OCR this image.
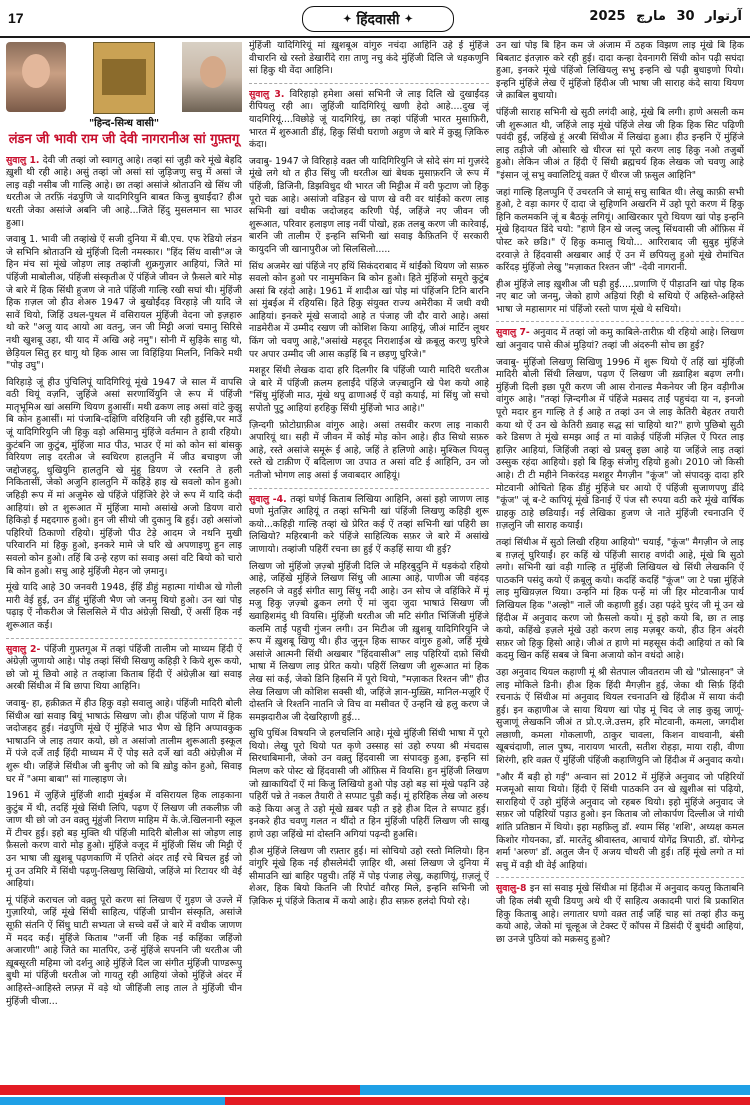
17	✦ हिंदवासी ✦	آرتوار 30 مارچ 2025
"हिन्द-सिन्ध वासी"
लंडन जी भावी राम जी देवी नागरानीअ सां गुफ़्तगू

सुवालु 1. देवी जी तव्हां जो स्वागतु आहे। तव्हां सां जुड़ी करे मूंखे बेहदि ख़ुशी थी रही आहे। असुं तव्हां जो असां सां जुड़िजणु सचु में असां जे लाइ वड़ी नसीब जी गाल्हि आहे। छा तव्हां असांजे श्रोताउनि खे सिंध जी धरतीअ जे तरफ़िं नंढपुणि जे यादगिरियुनि बाबत किजु बुधाईंदा? हीअ धरती जेका असांजे अबनि जी आहे...जिते हिंदु मुसलमान सा भाउर हुआ।

जवाबु 1. भावी जी तव्हांखे ऐं सजी दुनिया में बी.एच. एफ रेडियो लंडन जे सभिनि श्रोताउनि खे मुंहिंजी दिली नमस्कार। "हिंद सिंध वासी"अ जे हिन मंच सां मूंखे जोड़ण लाइ तव्हांजी शुक्रगुज़ार आहियां, जिते मां पंहिंजी माबोलीअ, पंहिंजी संस्कृतीअ ऐं पंहिंजे जीवन जे फ़ैसले बारे मोड़ जे बारे में हिक सिंधी हुजण जे नाते पंहिंजी गाल्हि रखी सघां थी। मुंहिंजी हिक ग़ज़ल जो हीउ शेअरु 1947 जे बुखोईंदड़ विरहाड़े जी यादि जे सावें थियो, जिहिं उथल-पुथल में वसिरायल मुंहिंजी वेदना जो इज़हारु थो करे "अजु याद आयो आ वतनु, जन जी मिट्टी अजां चमानु सिरिसे नथी खुशबू उहा, थी याद में अखि अहे नमु"। सोनी में सुड़िके साहु थो, छेड़ियल सितु हर धागु थो हिक आस जा विहिंड़िया मिलनि, निकिरे मथी "पोइ उघु"।

विरिहाड़े जूं हीउ पुंचिलिपूं यादिगिरियूं मूंखे 1947 जे साल में वापसि वठी थियूं वज़नि, जुहिंजे असां सरणार्थियुनि जे रूप में पंहिंजी मातृभूमिअ खां असग्गि थियण हुआसीं। मथी ढकण लाइ असां वांटे कुझु बि कोन हुआसीं। मां पंजाबि-दक्षिणि वरिहियनि जी रही हुईसि,पर माउँ जूं यादिगिरियुनि जी हिकु वड़ो असिमानु मुंहिंजे वर्तमान ते हावी रहियो। कुटंबनि जा कुटुंब, मुंहिंजा माउ पीउ, भाउर ऐं मां को कोन सां बांसकु विरियण लाइ दरतीअ जे स्वधिरण हालतुनि में जीउ बचाइण जी जद्दोजहदु, धुखियुनि हालतुनि खे मुंहु डियण जे रस्तनि ते हली निकितासीं, जेको अजुनि हालतुनि में कहिड़े हाइ खे सवलो कोन हुओ। जहिड़ी रूप में मां अजुमेरु खे पंहिंजे पंहिंजिरे हेरे जे रूप में यादि कंदी आहियां। छो त शुरूआत में मुंहिंजा मामो असांखे अजो डियण वारो हिकिड़ो ई मद्ददगारु हुओ। हुन जी सीधो जी दुकानु बि हुई। उहो असांजो पहिरियों ठिकाणो रहियो। मुंहिंजो पीउ टेड़े आदम जे नथनि मुखी परिवारनि मां हिकु हुओ, इनकरे मामे जे घरि खे अपणाइणु हुन लाइ सवलो कोन हुओ। तहिं बि उन्हे रहण कां सवाइ असां वटि बियो को चारो बि कोन हुओ। सचु आहे मुंहिंजी मेहन जो ज़मानु।

मूंखे यादि आहे 30 जनवरी 1948, ईहिं डीहुं महात्मा गांधीअ खे गोली मारी वेई हुई, उन डींहुं मुंहिंजी भैण जो जनमु थियो हुओ। उन खां पोइ पढ़ाइ ऐं नौकरीअ जे सिलसिले में पीउ अंग्रेज़ी सिखी, ऐं असीं हिक नई शुरूआत कई।

सुवालु 2- पंहिंजी गुफ़्तगूअ में तव्हां पंहिंजी तालीम जो माध्यम हिंदी ऐं अंग्रेज़ी जुणायो आहे। पोइ तव्हां सिंधी सिखणु कहिड़ी रे किये शुरू कयो, छो जो मूं छिवो आहे त तव्हांजा किताब हिंदी ऐं अंग्रेज़ीअ खां सवाइ अरबी सिंधीअ में बि छापा थिया आहिनि।

जवाबु- हा, हक़ीक़त में हीउ हिकु वड़ो सवालु आहे। पंहिंजी मादिरी बोली सिंधीअ खां सवाइ बियूं भाषाऊं सिखण जो। हीअ पंहिंजो पाण में हिक जदोजहद हुई। नंढपुणि मूंखे ऐं मुंहिंजे भाउ भैण खे हिनि अप्पावकुक भाषाउनि जे लाइ तयार कयो, छो त असांजो तालीम शुरूआती इस्कूल में पंजे दर्जे ताईं हिंदी माध्यम में ऐं पोइ सते दर्जे खां वठी अंग्रेज़ीअ में शुरू थी। जहिंजे सिंधीअ जी बुनीए जो को बि ख़ोडु कोन हुओ, सिवाइ घर में "अमा बाबा" सां गाल्हाइण जे।

1961 में जुहिंजे मुंहिंजी शादी मुंबईअ में वसिरायल हिक लाड़काना कुटुंब में थी, तदहिं मूंखे सिंधी लिपि, पढ़ण ऐं लिखण जी तकलीफ़ जी जाण थी छो जो उन वक़्तु मूंहुंजी निराण माहिम में के.जे.खिलनानी स्कूल में टीचर हुई। इहो बड़ मुक्ति थी पंहिंजी मादिरी बोलीअ सां जोड़ण लाइ फ़ैसलो करण वारो मोड़ हुओ। मुंहिंजे वजूद में मुंहिंजी सिंध जी मिट्टी ऐं उन भाषा जी ख़ुशबू पढ़णकाणि में एतिरो अंदर ताईं रचे बिचल हुई जो मूं उन उमिरि में सिंधी पढ़णु-लिखणु सिखियो, जहिंजे मां रिटायर थी वेई आहियां।

मूं पंहिंजे कराचल जो वक़्तु पूरो करण सां लिखण ऐं गुड़ण जे उज्ले में गुज़ारियो, जहिं मूंखे सिंधी साहित्य, पंहिंजी प्राचीन संस्कृति, असांजे सूफ़ी संतनि ऐं सिंधु घाटी सभ्यता जे सच्चे वर्से जे बारे में वधीक जाणण में मदद कई। मुंहिंजे किताब "जर्नी जी हिक नई कहिंका जहिंजो अजारणी" आहे जिते का मातपिर, उन्हें मुंहिंजे सपननि जी धरतीअ जी ख़ूबसूरती महिमा जो दर्शनु आहे मुंहिंजे दिल जा संगीत मुंहिंजी पाण्डरूपु बुधी मां पंहिंजी धरतीअ जो गायतु रही आहियां जेको मुंहिंजे अंदर में आहिस्ते-आहिस्ते लफ़्ज़ में वड़े थो जीहिंजी लाइ ताल ते मुंहिंजी चीन मुंहिंजी चीजा...

मुंहिंजी यादिगिरियूं मां ख़ुशबूअ वांगुरु नचंदा आहिनि उहे ई मुंहिंजे वीचारनि खे रस्तो डेखारींदे राग़ ताणु नचु कंदे मुंहिंजी दिलि जे धड़कणुनि सां हिकु थी वेंदा आहिनि।

सुवालु 3. विरिहाड़ो हमेशा असां सभिनी जे लाइ दिलि खे दुखाईंदड़ रीपियलु रही आ। जुहिंजी यादिगिरियूं खणी हेदो आहे....दुख जूं यादगिरियूं....विछोड़े जूं यादगिरियूं, छा तव्हां पंहिंजी भारत मुसाफ़िरी, भारत में शुरुआती डींहं, हिकु सिंधी घराणो अहुण जे बारे में कुझु ज़िकिरु कंदा।

जवाबु- 1947 जे विरिहाड़े वक़्त जी यादिगिरियुनि जे सोदे संग मां गुज़रंदे मूंखे लगे थो त हीउ सिंधु जी धरतीअ खां बेधक मुसाफ़रनि जे रूप में पंहिंजी, डिजिनी, डिझविधुद थी भारत जी मिट्टीअ में वरी फुटाण जो हिकु पूरो चक्र आहे। असांजो वडिड़न खे पाण खे वरी वर थांईंको करण लाइ सभिनी खां वधीक जदोजहद करिणी पेई, जहिंजे नए जीवन जी शुरूआत, परिवार हलाइण लाइ नवीं पोखो, हक़ तलबु करण जी कारेवाई, बारनि जी तालीम ऐं इन्हनि सभिनी खां सवाइ कैफ़ितनि ऐं सरकारी कायुदनि जी खानापुरीअ जो सिलसिलो.....

सिंध अजमेर खां पंहिंजे नए हथिं सिकंदराबाद में थांईंको थियण जो सफ़रु सवलो कोन हुओ पर नामुमकिन बि कोन हुओ। हिते मुंहिंजो समूरो कुटुंब असां बि रहंदो आहे। 1961 में शादीअ खां पोइ मां पंहिंजनि टिनि बारनि सां मुंबईअ में रहियसि। हिते हिकु संयुक्त राज्य अमेरीका में जधी वधी आहियां। इनकरे मूंखे सजादो आहे त पंजाह जी दौर वारो आहे। असां नाडमेरीअ में उम्मीद रखण जी कोशिश किया आहियूं, जीअं मार्टिन लूथर किंग जो चवणु आहे,"असांखे महदूद निराशाईअ खे क़बूलु करणु घुरिजे पर अपार उम्मीद जी आस कड़हिं बि न छड़णु घुरिजे।"

मशहूर सिंधी लेखक दादा हरि दिलगीर बि पंहिंजी प्यारी मादिरी धरतीअ जे बारे में पंहिंजी क़लम हलाईंदे पंहिंजे जज़्बातुनि खे पेश कयो आहे "सिंधु मुंहिंजी माउ, मूंखे थपु ढाणाअई ऐं वड़ो कयाई, मां सिंधु जो सचो सपोतो पुटु आहियां हरहिकु सिंधी मुंहिंजो भाउ आहे।"

ज़िन्दगी फ़ोटोग्राफ़ीअ वांगुरु आहे। असां तसवीर करण लाइ नाकारी अपारियूं था। सही में जीवन में कोई मोड़ कोन आहे। हीउ सिधो सफ़रु आहे, रस्ते असांजे समूरूं ई आहे, जहिं ते हलिणो आहे। मुश्किल पियलु रस्ते खे टाक़ीण ऐं बदिलाण जा उपाउ त असां वटि ई आहिनि, उन जो नतीजो भोगण लाइ असां ई जवाबदार आहियूं।

सुवालु -4. तव्हां घणेई किताब लिखिया आहिनि, असां इहो जाणण लाइ घणो मुंतज़िर आहियूं त तव्हां सभिनी खां पंहिंजी लिखणु कहिड़ी शुरू कयो...कहिड़ी गाल्हि तव्हां खे प्रेरित कई ऐं तव्हां सभिनी खां पहिरी छा लिखियो? महिरबानी करे पंहिंजे साहित्यिक सफ़र जे बारे में असांखे जाणायो। तव्हांजी पहिरीं रचना छा हुई ऐं कड़हिं साया थी हुई?

लिखण जो मुंहिंजो ज़ज़्बो मुंहिंजी दिलि जे महिरबुदुनि में धड़कंदो रहियो आहे, जहिंखे मुंहिंजे लिखण सिंधु जी आत्मा आहे, पाणीअ जी वहंदड़ लहरुनि जे वहुई संगीत सागु सिंधु नदी आहे। उन सोच जे वहिंकिरे में मूं मजु हिकु ज़ज़्बो ढुकन लगो ऐं मां जुदा जुदा भाषाउं सिखण जी ख्वाहिशमंदु थी वियसि। मुंहिंजी धरतीअ जी मटि संगीत भिंजिंजी मुंहिंजे कलमि ताईं पहुची गुंजन लगी। उन मिटीअ जी ख़ुशबू यादिगिरियुनि जे रूप में ख़ुशबू खिणु थी। हीउ जुनून हिक साफर वांगुरु हुओ, जहिं मूंखे असांजे आत्मनी सिंधी अखबार "हिंदवासीअ" लाइ पहिरियों दफ़ो सिंधी भाषा में लिखण लाइ प्रेरित कयो। पहिरीं लिखण जी शुरूआत मां हिक लेख सां कई, जेको डिनि हिसनि में पूरो थियो, "मज़ाकत रिश्तन जी" हीउ लेख लिखण जी कोशिश सक्सी थी, जहिंजे ज्ञान-मुख़्सि, मानिल-मज़ूरि ऐं दोस्तनि जे रिश्तनि नातनि जे विच वा मसीवत ऐं उन्हनि खे हलु करण जे समझदारीअ जी देखरिहाणी हुई...

सुधि पुधिंअ विषयनि जे हलचलिनि आहे। मूंखे मुंहिंजी सिंधी भाषा में पूरो थियो। लेखु पूरो थियो पत कृणे उस्साह सां उहो रुपया श्री मंचदास सिरधाबिमानी, जेको उन वक़्तु हिंदवासी जा संपादकु हुआ, इन्हनि सां मिलण करे पोस्ट खे हिंदवासी जी ऑफ़िस में वियसि। हुन मुंहिंजी लिखण जो ख़ाकायिदाँ ऐं मां किजु लिखियो हुओ पोइ उहो बड़ सां मूंखे पढ़नि उहे पहिरीं पन्ने ते नकल तैयारी ते सप्पाट पुड़ी कई। मूं हरिहिक लेख जो अरुथ कड़े किया अजु ते उहो मूंखे ख़बर पड़ी त इहे हीअ दिल ते सप्पाट हुई। इनकरे हीउ चवणु गलत न थींदो त हिन मुंहिंजी पहिरीं लिखण जी साखु हाणे उहा जहिंखे मां दोस्तनि अगियां पढ़न्दी हुअसि।

हीअ मुंहिंजे लिखण जी रफ़्तार हुई। मां सोचियो उहो रस्तो मिलियो। हिन वांगुरि मूंखे हिक नई हौसलेमंदी ज़ाहिर थी, असां लिखण जे दुनिया में सीमाउनि खां बाहिर पहुची। तहिं में पोइ पंजाह लेखु, कहाणियूं, ग़ज़लूं ऐं शेअर, हिक बियो कितनि जी रिपोर्ट वग़ैरह मिले, इन्हनि सभिनी जो ज़िकिरु मूं पंहिंजे किताब में कयो आहे। हीउ सफ़रु हलंदो पियो रहे।

उन खां पोइ बि हिन कम जे अंजाम में ठहक विझण लाइ मूंखे बि हिक बिबताट इंतज़ारु करे रही हुई। दादा कन्हा देवनागरी सिंधी कोन पढ़ी सघंदा हुआ, इनकरे मूंखे पंहिंजो लिखियलु सभु इन्हनि खे पढ़ी बुधाइणो पियो। इन्हनि मुंहिंजे लेख ऐं मुंहिंजो हिंदीअ जी भाषा जी साराह कंदे साया थियण जे क़ाबिल बुधायो।

पंहिंजी साराह सभिनी खे सुठी लगंदी आहे, मूंखे बि लगी। हाणे असली कम जी शुरूआत थी, जहिंजे लाइ मूंखे पंहिंजे लेख जी हिक हिक सिट पढ़िणी पवंदी हुई, जहिंखे हूं अरबी सिंधीअ में लिखंदा हुआ। हीउ इन्हनि ऐं मुंहिंजे लाइ तड़ीजे जी ओसारि खे धीरज सां पूरो करण लाइ हिकु नओ तजुर्बो हुओ। लेकिन जीअं त हिंदी ऐं सिंधी ब्रह्मचर्य हिक लेखक जो चवणु आहे "इंसान जूं सभु क्वालिटियूं वक़्त ऐं धीरज जी फ़सुल आहिनि"

जहां गाल्हि हिलप्पुनि ऐं उचरतनि जे सामूं सचु साबित थी। लेखु काफ़ी सभी हुओ, टे वड़ा कागर ऐं दादा जे सुहिणनि अखरनि में उहो पूरो करण में हिकु हिनि कलमकनि जूं ब बैठकूं लगियूं। आखिरकार पूरो थियण खां पोइ इन्हनि मूंखे हिदायत डिंदे चयो: "हाणे हिन खे जल्दु जल्दु सिंधवासी जी ऑफ़िस में पोस्ट करे छडि।" ऐं हिकु कमालु थियो... आरिराबाद जी सुबुह मुंहिंजे दरवाज़े ते हिंदवासी अखबार आई ऐं उन में छपियलु हुओ मूंखे रोमांचित करिंदड़ मुंहिंजो लेखु "मज़ाकत रिश्तन जी" -देवी नागरानी.

हीअ मुंहिंजे लाइ ख़ुशीअ जी घड़ी हुई.....प्रणाणि ऐं पीड़ाउनि खां पोइ हिक नए बाट जो जनमु, जेको हाणे अड़ियां रिही थे सधियो ऐं अहिस्ते-अहिस्ते भाषा जे महासागर मां पंहिंजो रस्तो पाण मूंखे थे सधियो।

सुवालु 7- अनुवाद में तव्हां जो कमु काबिले-तारीफ़ थी रहियो आहे। लिखण खां अनुवाद पासे कीअं मुड़ियां? तव्हां जी अंदरुनी सोच छा हुई?

जवाबु- मुंहिंजो लिखणु सिखिणु 1996 में शुरू थियो ऐं तहिं खां मुंहिंजी मादिरी बोली सिंधी लिखण, पढ़ण ऐं लिखण जी ख़्वाहिश बढ़ण लगी। मुंहिंजी दिली इछा पूरी करण जी आस रोनाल्ड मैकनेयर जी हिन वड़ीगीअ वांगुरु आहे। "तव्हां ज़िन्दगीअ में पंहिंजे मक़्सद ताईं पहुचंदा या न, इनजो पूरो मदार हुन गाल्हि ते ई आहे त तव्हां उन जे लाइ केतिरी बेहतर तयारी कया थो ऐं उन खे केतिरी ख़्वाह सद्ध सां चाहियो था?" हाणे पुछिबो सुठी करे डिसण ते मूंखे समझ आई त मां वाक़ेई पंहिंजी मंज़िल ऐं पिरत लाइ हाज़िर आहियां, जिहिंजी तव्हां खे प्रबलु इछा आहे या जहिंजे लाइ तव्हां उस्सुक रहंदा आहियो। इहो बि हिकु संजोगु रहियो हुओ। 2010 जो किसी आहे। टी टी महीने निकरंदड़ मशहूर मैगज़ीन "कूंज" जो संपादकु दादा हरि मोटवानी ओचितो हिक डींहुं मुंहिंजे घर आयो ऐं पंहिंजी सुजाणपणु डींदे "कूंज" जूं ब-टे कापियूं मूंखे डिनाई ऐं पंज सौ रुपया वठी करे मूंखे वार्षिक ग्राहकु ठाहे छडियाईं। नई लेखिका हुजण जे नाते मुंहिंजी रचनाउनि ऐं ग़ज़लुनि जी साराह कयाईं।

तव्हां सिंधीअ में सुठो लिखी रहिया आहियो" चयाई, "कूंज" मैगज़ीन जे लाइ ब ग़ज़लूं घुरियाईं। हर कहिं खे पंहिंजी साराह वणंदी आहे, मूंखे बि सुठो लगो। सभिनी खां वड़ी गाल्हि त मुंहिंजी लिखियल खे सिंधी लेखकनि ऐं पाठकनि पसंदु कयो ऐं क़बूलु कयो। कदहिं कदहिं "कूंज" जा टे पन्ना मुंहिंजे लाइ मुखिय़ज़ल थिया। उन्हनि मां हिक पन्हें मां जी हिर मोटवानीअ पार्थ लिखियल हिक "अल्हो" नालें जी कहाणी हुई। उहा पढ़ंदे घुरंद जी मूं उन खे हिंदीअ में अनुवाद करण जो फ़ैसलो कयो। मूं इहो कयो बि, छा त लाइ कयो, कहिंखे ड़ज़ले मूंखे उहो करण लाइ मज़बूर कयो, हीउ हिन अंदरी सफ़र जो हिकु हिसो आहे। जीअं त हाणे मां महसूस कंदी आहियां त को बि कदमु खिन कहिं सबब जे बिना अजायो कोन वधंदो आहे।

उहा अनुवाद थियल कहाणी मूं श्री सेतपाल जीवतराम जी खे "प्रोत्साहन" जे लाइ मोकिले डिनी। हीअ हिक हिंदी मैगज़ीन हुई, जेका थी सिर्फ़ हिंदी रचनाऊं ऐं सिंधीअ मां अनुवाद थियल रचनाउनि खे हिंदीअ में साया कंदी हुई। इन कहाणीअ जे साया थियण खां पोइ मूं चिद जे लाइ कुझु जाणूं-सुजाणूं लेखकनि जीअं त प्रो.ए.जे.उत्तम, हरि मोटवानी, कमला, जगदीश लछाणी, कमला गोकलाणी, ठाकुर चावला, किशन वाधवानी, बंसी खूबचंदाणी, लाल पुष्प, नारायण भारती, सतीश रोहड़ा, माया राही, वीणा शिरंगी, हरि वक़्त ऐं मुंहिंजी पंहिंजी कहाणियुनि जो हिंदीअ में अनुवाद कयो।

"और मैं बड़ी हो गई" अन्वान सां 2012 में मुंहिंजे अनुवाद जो पहिरियों मजमूओ साया थियो। हिंदी ऐं सिंधी पाठकनि उन खे ख़ुशीअ सां पढ़ियो, साराहियो ऐं उहो मुंहिंजे अनुवाद जो रहबरु थियो। इहो मुंहिंजे अनुवाद जे सफ़र जो पहिरियों पड़ाउ हुओ। इन किताब जो लोकार्पण दिल्लीअ जे गांधी शांति प्रतिष्ठान में थियो। इहा महफ़िलु डॉ. श्याम सिंह 'शशि', अध्यक्ष कमल किशोर गोयनका, डॉ. मारतेंदु श्रीवास्तव, आचार्य योगेंद्र त्रिपाठी, डॉ. योगेन्द्र शर्मा 'अरुण' डॉ. अतुल जैन ऐं अजय चौधरी जी हुई। तहिं मूंखे लगो त मां सचु में वड़ी थी वेई आहियां।

सुवालु-8 इन सां सवाइ मूंखे सिंधीअ मां हिंदीअ में अनुवाद कयलु किताबनि जी हिक लंबी सूची डियणु अथे थी ऐं साहित्य अकादमी पारां बि प्रकाशित हिकु किताबु आहे। लगातार घणो वक़्त ताईं जहिं चाह सां तव्हां हीउ कमु कयो आहे, जेको मां चूल्हूअ जे टेक्स्ट ऐं कॉपस में डिसंदी ऐं बुधंदी आहियां, छा उनजे पुठियां को मक़सदु हुओ?
